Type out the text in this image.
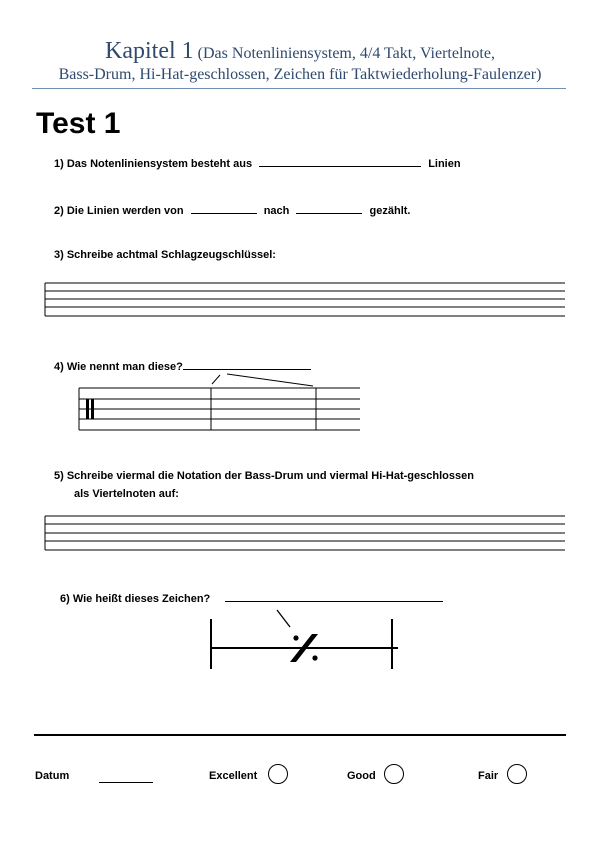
Kapitel 1 (Das Notenliniensystem, 4/4 Takt, Viertelnote,
Bass-Drum, Hi-Hat-geschlossen, Zeichen für Taktwiederholung-Faulenzer)
Test 1
1) Das Notenliniensystem besteht aus	Linien
2) Die Linien werden von	nach	gezählt.
3) Schreibe achtmal Schlagzeugschlüssel:
4) Wie nennt man diese?
5) Schreibe viermal die Notation der Bass-Drum und viermal Hi-Hat-geschlossen
als Viertelnoten auf:
6) Wie heißt dieses Zeichen?
Datum	Excellent	Good	Fair
